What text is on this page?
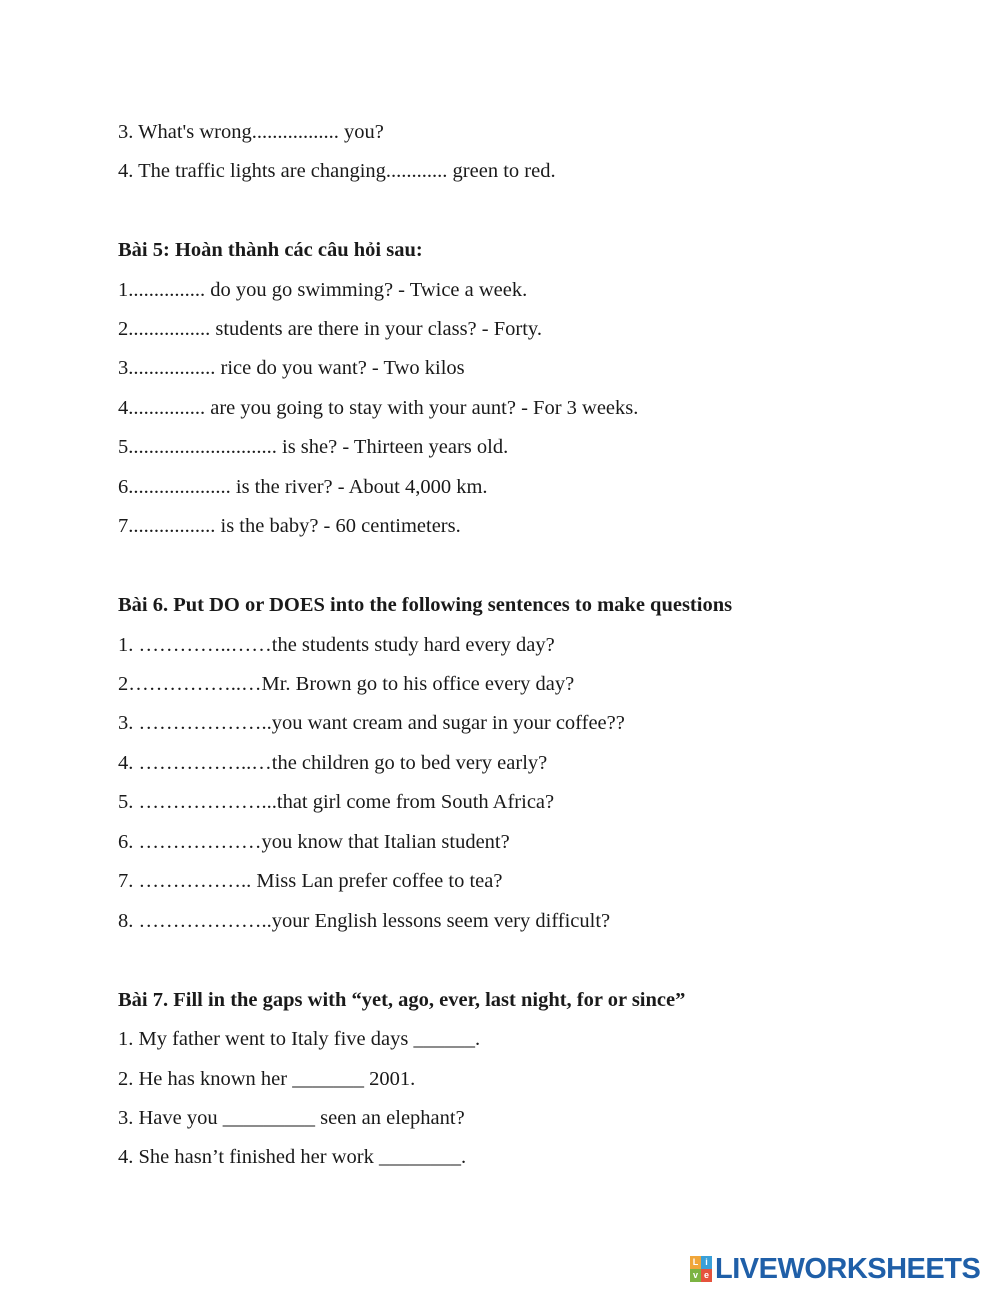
3. What's wrong................. you?
4. The traffic lights are changing............ green to red.
Bài 5: Hoàn thành các câu hỏi sau:
1............... do you go swimming? - Twice a week.
2................ students are there in your class? - Forty.
3................. rice do you want? - Two kilos
4............... are you going to stay with your aunt? - For 3 weeks.
5............................. is she? - Thirteen years old.
6.................... is the river? - About 4,000 km.
7................. is the baby? - 60 centimeters.
Bài 6. Put DO or DOES into the following sentences to make questions
1. …………..……the students study hard every day?
2……………..…Mr. Brown go to his office every day?
3. ………………..you want cream and sugar in your coffee??
4. ……………..…the children go to bed very early?
5. ………………...that girl come from South Africa?
6. ………………you know that Italian student?
7. …………….. Miss Lan prefer coffee to tea?
8. ………………..your English lessons seem very difficult?
Bài 7. Fill in the gaps with “yet, ago, ever, last night, for or since”
1. My father went to Italy five days ______.
2. He has known her _______ 2001.
3. Have you _________ seen an elephant?
4. She hasn’t finished her work ________.
L i
v e LIVEWORKSHEETS
